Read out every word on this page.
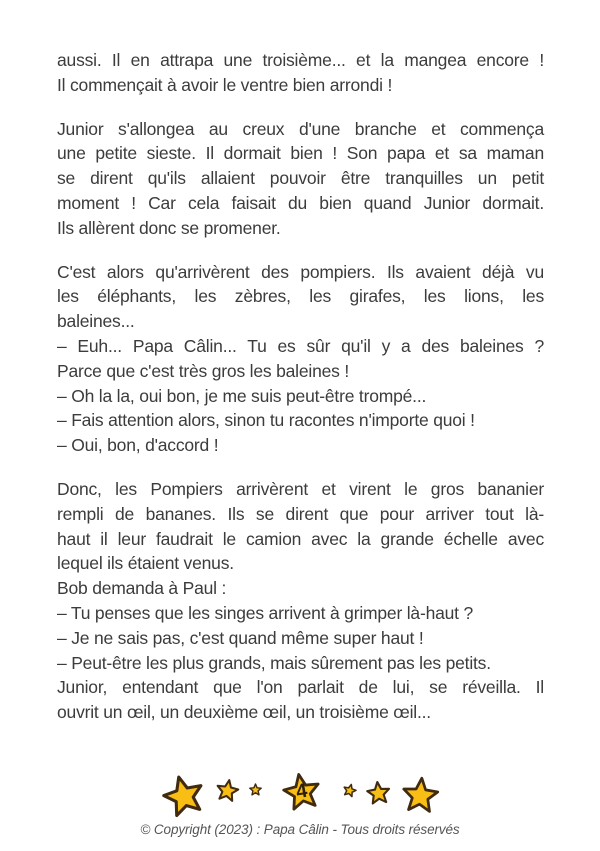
aussi. Il en attrapa une troisième... et la mangea encore !
Il commençait à avoir le ventre bien arrondi !
Junior s'allongea au creux d'une branche et commença
une petite sieste. Il dormait bien ! Son papa et sa maman
se dirent qu'ils allaient pouvoir être tranquilles un petit
moment ! Car cela faisait du bien quand Junior dormait.
Ils allèrent donc se promener.
C'est alors qu'arrivèrent des pompiers. Ils avaient déjà vu
les éléphants, les zèbres, les girafes, les lions, les
baleines...
– Euh... Papa Câlin... Tu es sûr qu'il y a des baleines ?
Parce que c'est très gros les baleines !
– Oh la la, oui bon, je me suis peut-être trompé...
– Fais attention alors, sinon tu racontes n'importe quoi !
– Oui, bon, d'accord !
Donc, les Pompiers arrivèrent et virent le gros bananier
rempli de bananes. Ils se dirent que pour arriver tout là-
haut il leur faudrait le camion avec la grande échelle avec
lequel ils étaient venus.
Bob demanda à Paul :
– Tu penses que les singes arrivent à grimper là-haut ?
– Je ne sais pas, c'est quand même super haut !
– Peut-être les plus grands, mais sûrement pas les petits.
Junior, entendant que l'on parlait de lui, se réveilla. Il
ouvrit un œil, un deuxième œil, un troisième œil...
4
© Copyright (2023) : Papa Câlin - Tous droits réservés
